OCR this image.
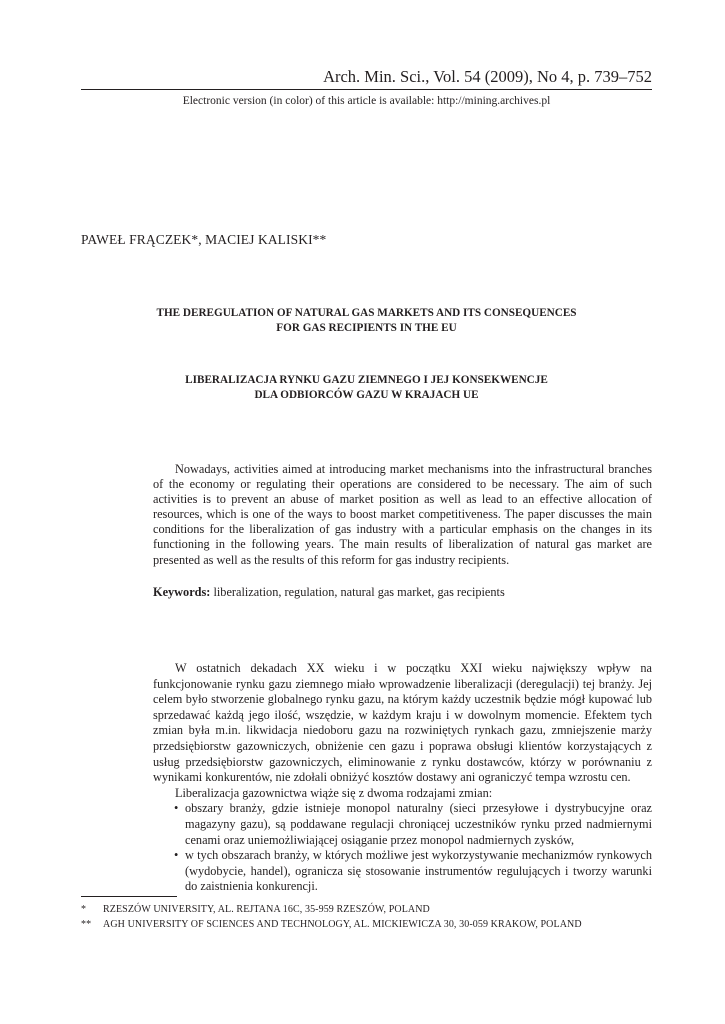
Arch. Min. Sci., Vol. 54 (2009), No 4, p. 739–752
Electronic version (in color) of this article is available: http://mining.archives.pl
PAWEŁ FRĄCZEK*, MACIEJ KALISKI**
THE DEREGULATION OF NATURAL GAS MARKETS AND ITS CONSEQUENCES
FOR GAS RECIPIENTS IN THE EU
LIBERALIZACJA RYNKU GAZU ZIEMNEGO I JEJ KONSEKWENCJE
DLA ODBIORCÓW GAZU W KRAJACH UE

Nowadays, activities aimed at introducing market mechanisms into the infrastructural branches of the economy or regulating their operations are considered to be necessary. The aim of such activities is to prevent an abuse of market position as well as lead to an effective allocation of resources, which is one of the ways to boost market competitiveness. The paper discusses the main conditions for the liberalization of gas industry with a particular emphasis on the changes in its functioning in the following years. The main results of liberalization of natural gas market are presented as well as the results of this reform for gas industry recipients.

Keywords: liberalization, regulation, natural gas market, gas recipients

W ostatnich dekadach XX wieku i w początku XXI wieku największy wpływ na funkcjonowanie rynku gazu ziemnego miało wprowadzenie liberalizacji (deregulacji) tej branży. Jej celem było stworzenie globalnego rynku gazu, na którym każdy uczestnik będzie mógł kupować lub sprzedawać każdą jego ilość, wszędzie, w każdym kraju i w dowolnym momencie. Efektem tych zmian była m.in. likwidacja niedoboru gazu na rozwiniętych rynkach gazu, zmniejszenie marży przedsiębiorstw gazowniczych, obniżenie cen gazu i poprawa obsługi klientów korzystających z usług przedsiębiorstw gazowniczych, eliminowanie z rynku dostawców, którzy w porównaniu z wynikami konkurentów, nie zdołali obniżyć kosztów dostawy ani ograniczyć tempa wzrostu cen.

Liberalizacja gazownictwa wiąże się z dwoma rodzajami zmian:

• obszary branży, gdzie istnieje monopol naturalny (sieci przesyłowe i dystrybucyjne oraz magazyny gazu), są poddawane regulacji chroniącej uczestników rynku przed nadmiernymi cenami oraz uniemożliwiającej osiąganie przez monopol nadmiernych zysków,
• w tych obszarach branży, w których możliwe jest wykorzystywanie mechanizmów rynkowych (wydobycie, handel), ogranicza się stosowanie instrumentów regulujących i tworzy warunki do zaistnienia konkurencji.
* RZESZÓW UNIVERSITY, AL. REJTANA 16C, 35-959 RZESZÓW, POLAND
** AGH UNIVERSITY OF SCIENCES AND TECHNOLOGY, AL. MICKIEWICZA 30, 30-059 KRAKOW, POLAND
